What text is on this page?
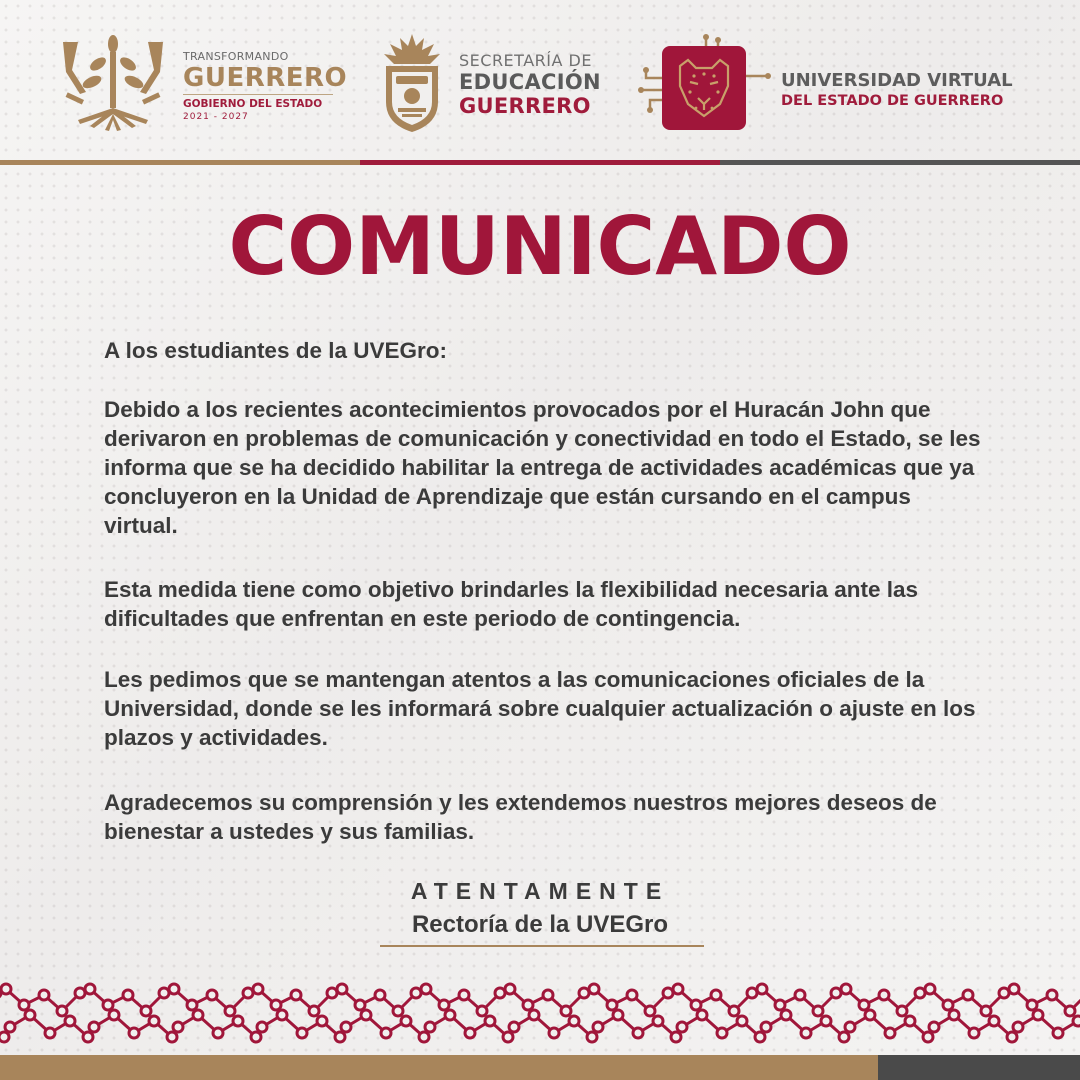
TRANSFORMANDO
GUERRERO
GOBIERNO DEL ESTADO
2021 - 2027
SECRETARÍA DE
EDUCACIÓN
GUERRERO
UNIVERSIDAD VIRTUAL
DEL ESTADO DE GUERRERO
COMUNICADO
A los estudiantes de la UVEGro:
Debido a los recientes acontecimientos provocados por el Huracán John que derivaron en problemas de comunicación y conectividad en todo el Estado, se les informa que se ha decidido habilitar la entrega de actividades académicas que ya concluyeron en la Unidad de Aprendizaje que están cursando en el campus virtual.
Esta medida tiene como objetivo brindarles la flexibilidad necesaria ante las dificultades que enfrentan en este periodo de contingencia.
Les pedimos que se mantengan atentos a las comunicaciones oficiales de la Universidad, donde se les informará sobre cualquier actualización o ajuste en los plazos y actividades.
Agradecemos su comprensión y les extendemos nuestros mejores deseos de bienestar a ustedes y sus familias.
ATENTAMENTE
Rectoría de la UVEGro
